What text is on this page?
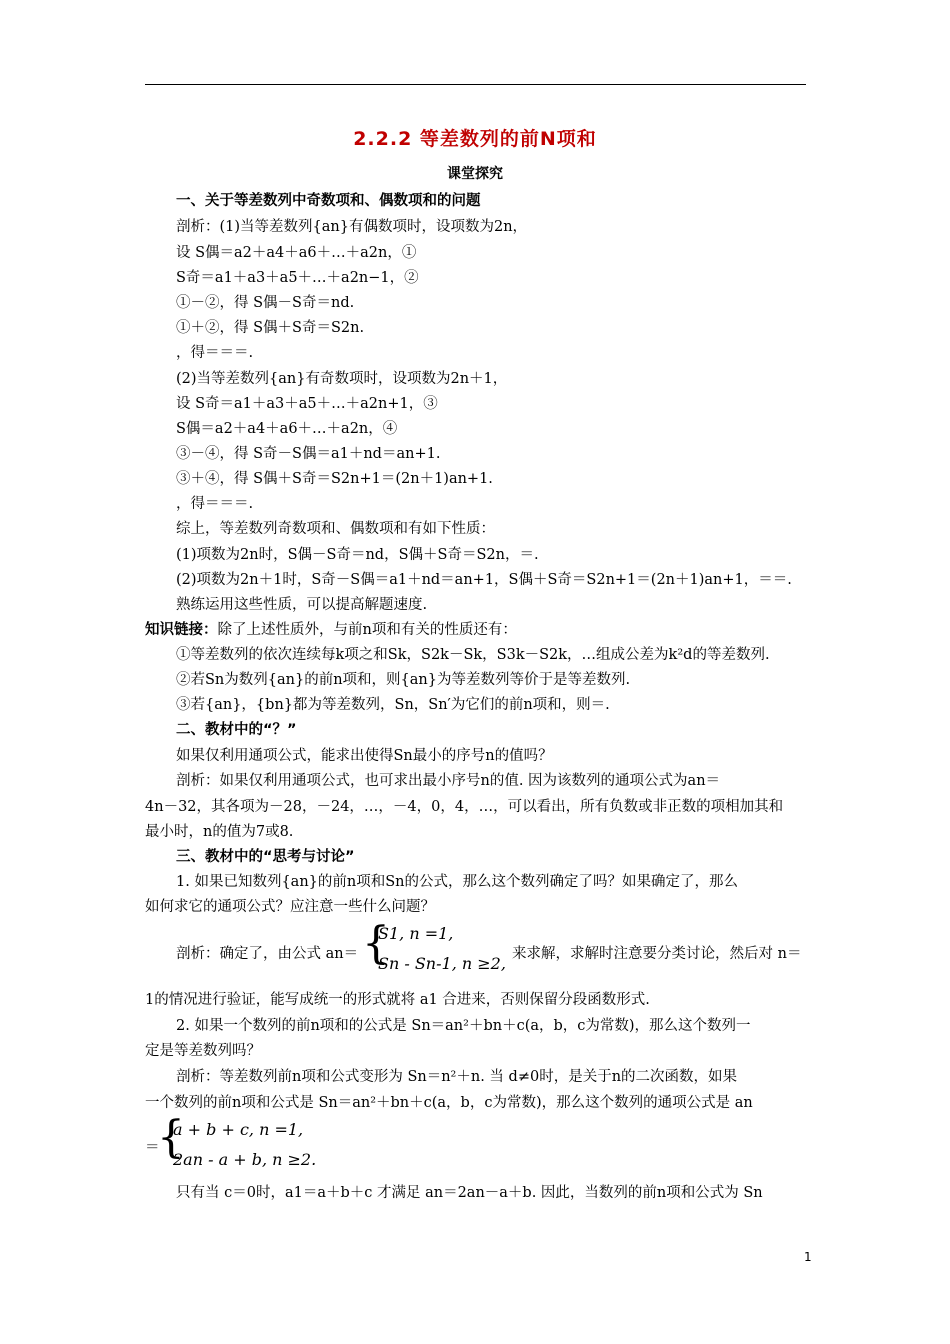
2.2.2 等差数列的前N项和
课堂探究
一、关于等差数列中奇数项和、偶数项和的问题
剖析：(1)当等差数列{an}有偶数项时，设项数为2n，
设 S偶＝a2＋a4＋a6＋…＋a2n，①
S奇＝a1＋a3＋a5＋…＋a2n−1，②
①－②，得 S偶－S奇＝nd.
①＋②，得 S偶＋S奇＝S2n.
，得＝＝＝.
(2)当等差数列{an}有奇数项时，设项数为2n＋1，
设 S奇＝a1＋a3＋a5＋…＋a2n+1，③
S偶＝a2＋a4＋a6＋…＋a2n，④
③－④，得 S奇－S偶＝a1＋nd＝an+1.
③＋④，得 S偶＋S奇＝S2n+1＝(2n＋1)an+1.
，得＝＝＝.
综上，等差数列奇数项和、偶数项和有如下性质：
(1)项数为2n时，S偶－S奇＝nd，S偶＋S奇＝S2n，＝.
(2)项数为2n＋1时，S奇－S偶＝a1＋nd＝an+1，S偶＋S奇＝S2n+1＝(2n＋1)an+1，＝＝.
熟练运用这些性质，可以提高解题速度.
知识链接：除了上述性质外，与前n项和有关的性质还有：
①等差数列的依次连续每k项之和Sk，S2k－Sk，S3k－S2k，…组成公差为k²d的等差数列.
②若Sn为数列{an}的前n项和，则{an}为等差数列等价于是等差数列.
③若{an}，{bn}都为等差数列，Sn，Sn′为它们的前n项和，则＝.
二、教材中的“？”
如果仅利用通项公式，能求出使得Sn最小的序号n的值吗？
剖析：如果仅利用通项公式，也可求出最小序号n的值. 因为该数列的通项公式为an＝
4n－32，其各项为－28，－24，…，－4，0，4，…，可以看出，所有负数或非正数的项相加其和
最小时，n的值为7或8.
三、教材中的“思考与讨论”
1. 如果已知数列{an}的前n项和Sn的公式，那么这个数列确定了吗？如果确定了，那么
如何求它的通项公式？应注意一些什么问题？
剖析：确定了，由公式 an＝ {
S1, n =1,
Sn - Sn-1, n ≥2, 来求解，求解时注意要分类讨论，然后对 n＝
1的情况进行验证，能写成统一的形式就将 a1 合进来，否则保留分段函数形式.
2. 如果一个数列的前n项和的公式是 Sn＝an²＋bn＋c(a，b，c为常数)，那么这个数列一
定是等差数列吗？
剖析：等差数列前n项和公式变形为 Sn＝n²＋n. 当 d≠0时，是关于n的二次函数，如果
一个数列的前n项和公式是 Sn＝an²＋bn＋c(a，b，c为常数)，那么这个数列的通项公式是 an
＝
{
a + b + c, n =1,
2an - a + b, n ≥2.
只有当 c＝0时，a1＝a＋b＋c 才满足 an＝2an－a＋b. 因此，当数列的前n项和公式为 Sn
1
